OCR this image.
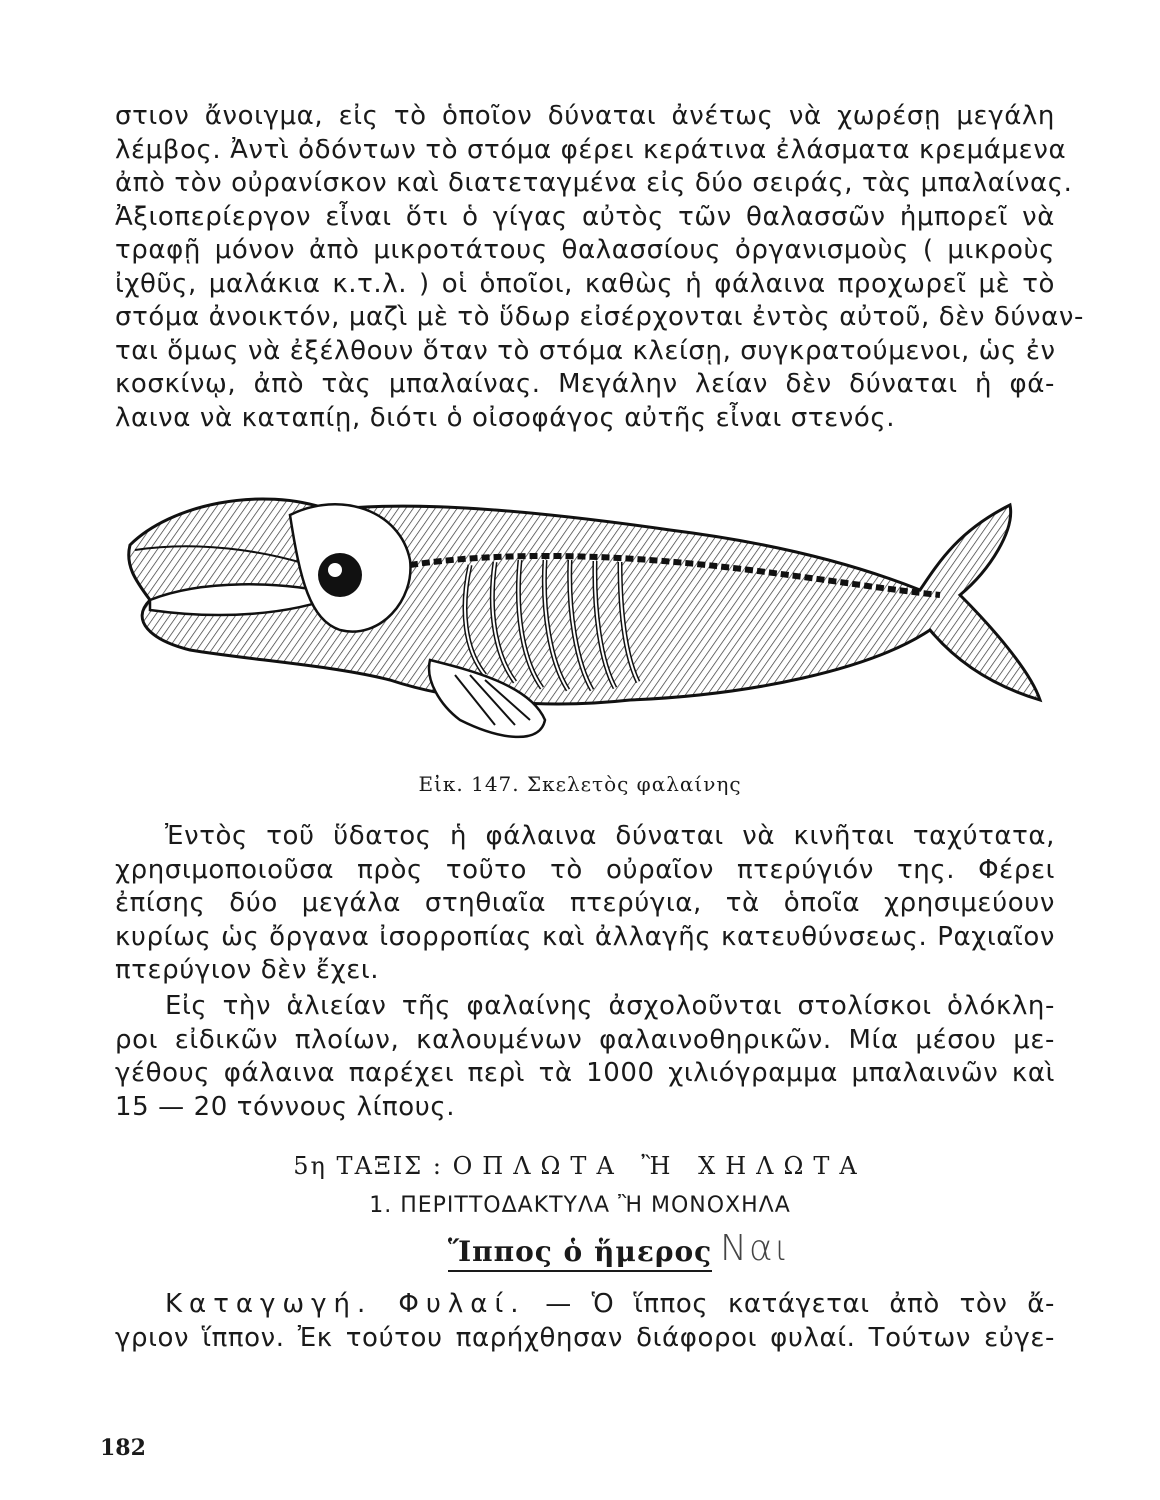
στιον ἄνοιγμα, εἰς τὸ ὁποῖον δύναται ἀνέτως νὰ χωρέσῃ μεγάλη
λέμβος. Ἀντὶ ὀδόντων τὸ στόμα φέρει κεράτινα ἐλάσματα κρεμάμενα
ἀπὸ τὸν οὐρανίσκον καὶ διατεταγμένα εἰς δύο σειράς, τὰς μπαλαίνας.
Ἀξιοπερίεργον εἶναι ὅτι ὁ γίγας αὐτὸς τῶν θαλασσῶν ἠμπορεῖ νὰ
τραφῇ μόνον ἀπὸ μικροτάτους θαλασσίους ὀργανισμοὺς ( μικροὺς
ἰχθῦς, μαλάκια κ.τ.λ. ) οἱ ὁποῖοι, καθὼς ἡ φάλαινα προχωρεῖ μὲ τὸ
στόμα ἀνοικτόν, μαζὶ μὲ τὸ ὕδωρ εἰσέρχονται ἐντὸς αὐτοῦ, δὲν δύναν-
ται ὅμως νὰ ἐξέλθουν ὅταν τὸ στόμα κλείσῃ, συγκρατούμενοι, ὡς ἐν
κοσκίνῳ, ἀπὸ τὰς μπαλαίνας. Μεγάλην λείαν δὲν δύναται ἡ φά-
λαινα νὰ καταπίῃ, διότι ὁ οἰσοφάγος αὐτῆς εἶναι στενός.
Εἰκ. 147. Σκελετὸς φαλαίνης
Ἐντὸς τοῦ ὕδατος ἡ φάλαινα δύναται νὰ κινῆται ταχύτατα,
χρησιμοποιοῦσα πρὸς τοῦτο τὸ οὐραῖον πτερύγιόν της. Φέρει
ἐπίσης δύο μεγάλα στηθιαῖα πτερύγια, τὰ ὁποῖα χρησιμεύουν
κυρίως ὡς ὄργανα ἰσορροπίας καὶ ἀλλαγῆς κατευθύνσεως. Ραχιαῖον
πτερύγιον δὲν ἔχει.
Εἰς τὴν ἁλιείαν τῆς φαλαίνης ἀσχολοῦνται στολίσκοι ὁλόκλη-
ροι εἰδικῶν πλοίων, καλουμένων φαλαινοθηρικῶν. Μία μέσου με-
γέθους φάλαινα παρέχει περὶ τὰ 1000 χιλιόγραμμα μπαλαινῶν καὶ
15 — 20 τόννους λίπους.
5η ΤΑΞΙΣ : ΟΠΛΩΤΑ Ἢ ΧΗΛΩΤΑ
1. ΠΕΡΙΤΤΟΔΑΚΤΥΛΑ Ἢ ΜΟΝΟΧΗΛΑ
Ἵππος ὁ ἥμερος Ναι
Καταγωγή. Φυλαί. — Ὁ ἵππος κατάγεται ἀπὸ τὸν ἄ-
γριον ἵππον. Ἐκ τούτου παρήχθησαν διάφοροι φυλαί. Τούτων εὐγε-
182
